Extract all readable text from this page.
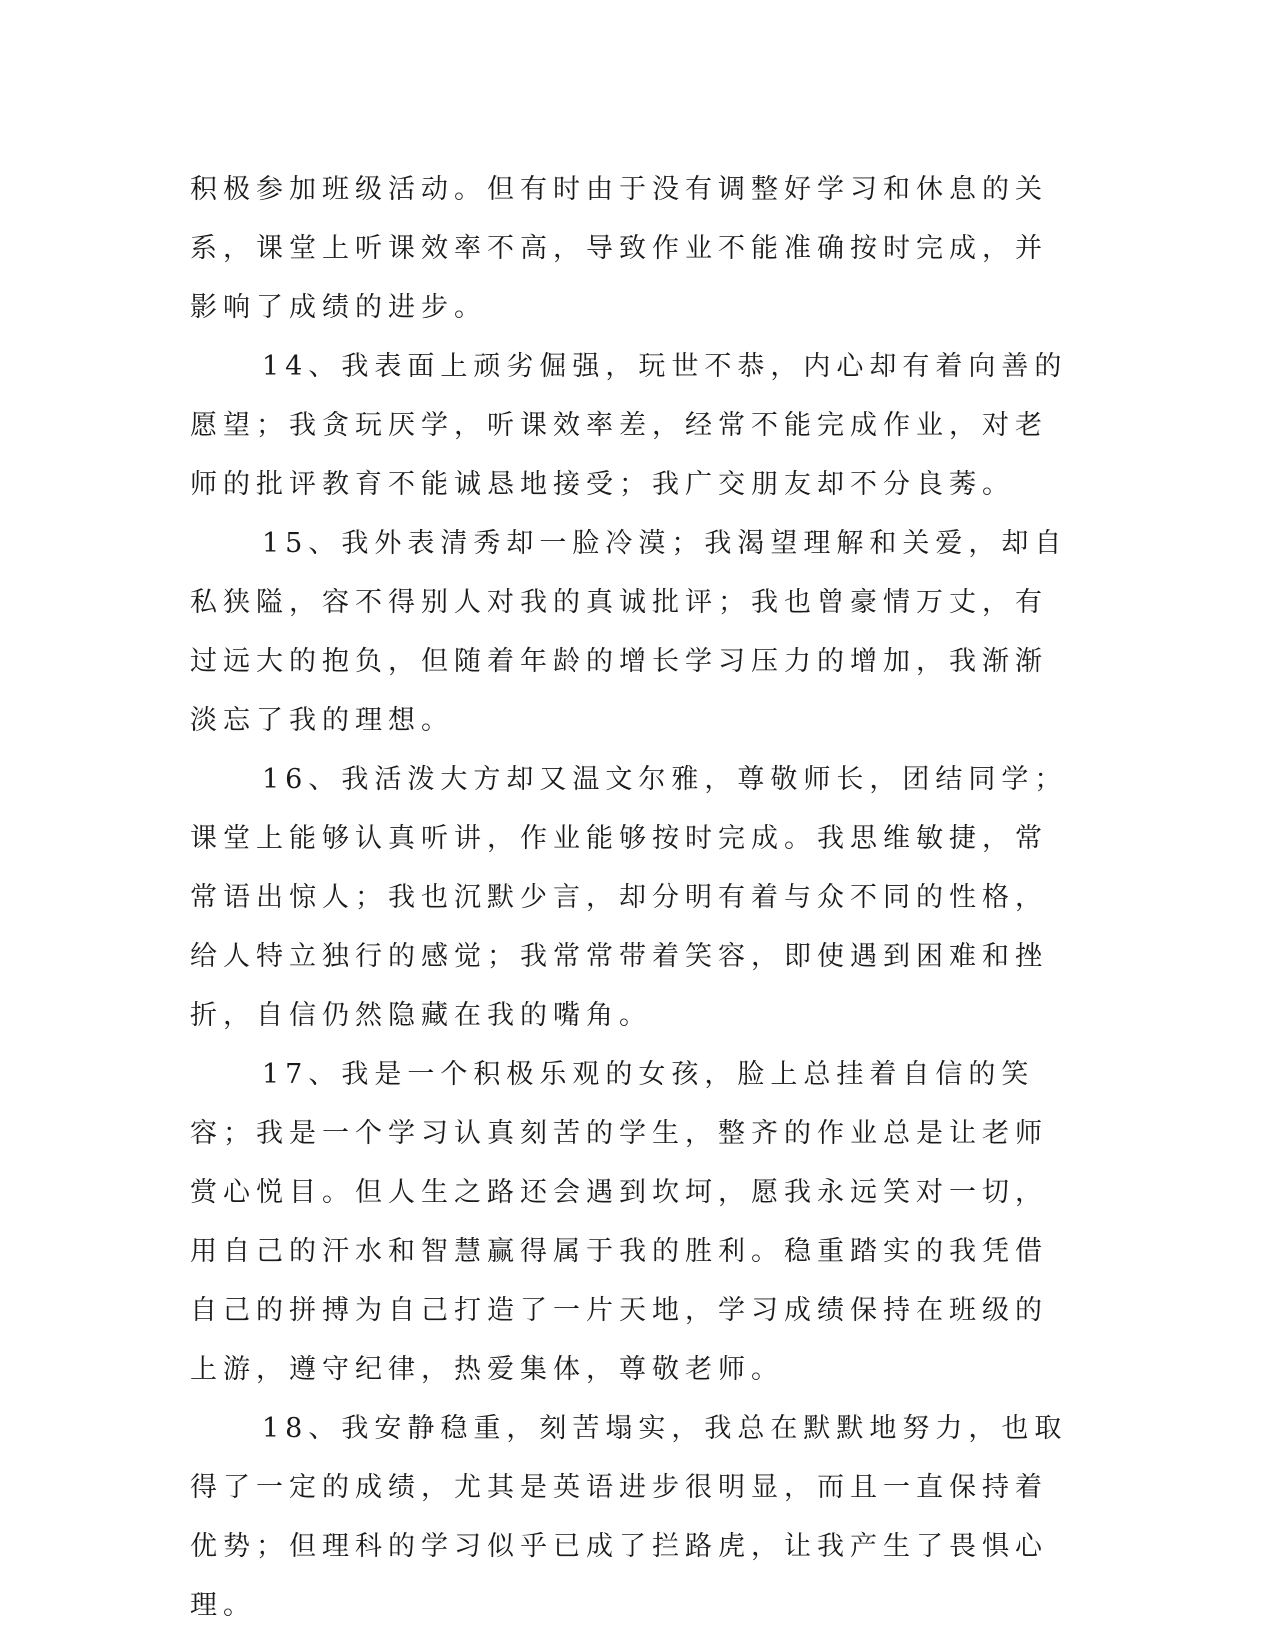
积极参加班级活动。但有时由于没有调整好学习和休息的关系，课堂上听课效率不高，导致作业不能准确按时完成，并影响了成绩的进步。

14、我表面上顽劣倔强，玩世不恭，内心却有着向善的愿望；我贪玩厌学，听课效率差，经常不能完成作业，对老师的批评教育不能诚恳地接受；我广交朋友却不分良莠。

15、我外表清秀却一脸冷漠；我渴望理解和关爱，却自私狭隘，容不得别人对我的真诚批评；我也曾豪情万丈，有过远大的抱负，但随着年龄的增长学习压力的增加，我渐渐淡忘了我的理想。

16、我活泼大方却又温文尔雅，尊敬师长，团结同学；课堂上能够认真听讲，作业能够按时完成。我思维敏捷，常常语出惊人；我也沉默少言，却分明有着与众不同的性格，给人特立独行的感觉；我常常带着笑容，即使遇到困难和挫折，自信仍然隐藏在我的嘴角。

17、我是一个积极乐观的女孩，脸上总挂着自信的笑容；我是一个学习认真刻苦的学生，整齐的作业总是让老师赏心悦目。但人生之路还会遇到坎坷，愿我永远笑对一切，用自己的汗水和智慧赢得属于我的胜利。稳重踏实的我凭借自己的拼搏为自己打造了一片天地，学习成绩保持在班级的上游，遵守纪律，热爱集体，尊敬老师。

18、我安静稳重，刻苦塌实，我总在默默地努力，也取得了一定的成绩，尤其是英语进步很明显，而且一直保持着优势；但理科的学习似乎已成了拦路虎，让我产生了畏惧心理。
